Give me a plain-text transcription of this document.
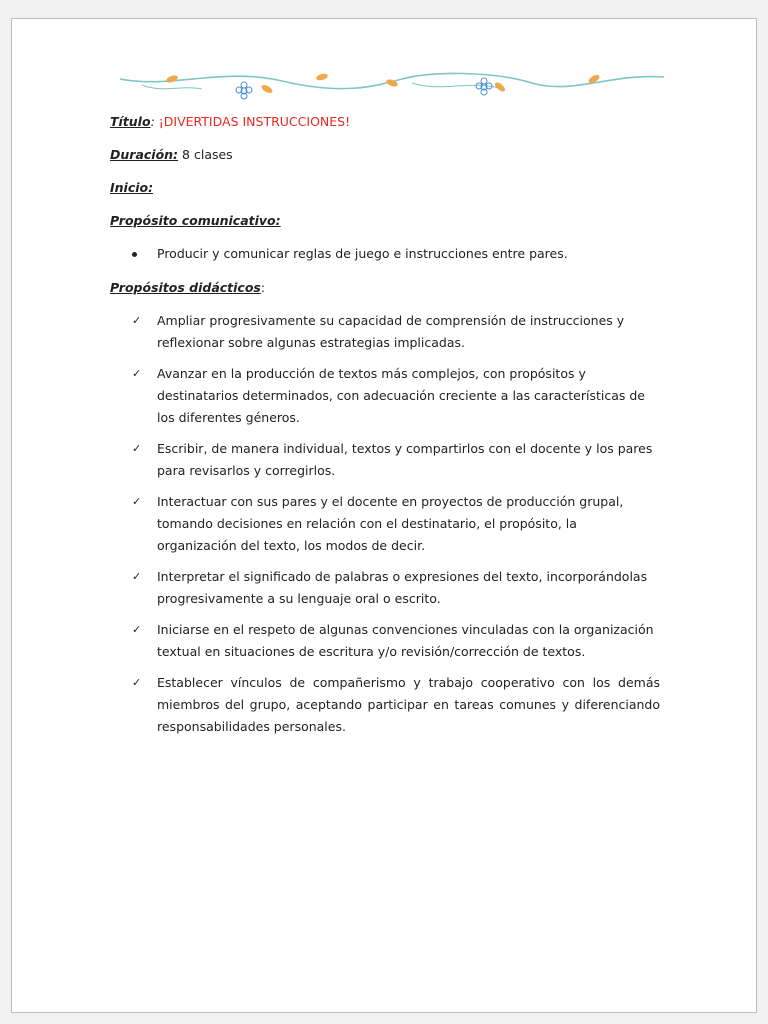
Título: ¡DIVERTIDAS INSTRUCCIONES!
Duración: 8 clases
Inicio:
Propósito comunicativo:
Producir y comunicar reglas de juego e instrucciones entre pares.
Propósitos didácticos:
✓ Ampliar progresivamente su capacidad de comprensión de instrucciones y reflexionar sobre algunas estrategias implicadas.
✓ Avanzar en la producción de textos más complejos, con propósitos y destinatarios determinados, con adecuación creciente a las características de los diferentes géneros.
✓ Escribir, de manera individual, textos y compartirlos con el docente y los pares para revisarlos y corregirlos.
✓ Interactuar con sus pares y el docente en proyectos de producción grupal, tomando decisiones en relación con el destinatario, el propósito, la organización del texto, los modos de decir.
✓ Interpretar el significado de palabras o expresiones del texto, incorporándolas progresivamente a su lenguaje oral o escrito.
✓ Iniciarse en el respeto de algunas convenciones vinculadas con la organización textual en situaciones de escritura y/o revisión/corrección de textos.
✓ Establecer vínculos de compañerismo y trabajo cooperativo con los demás miembros del grupo, aceptando participar en tareas comunes y diferenciando responsabilidades personales.
